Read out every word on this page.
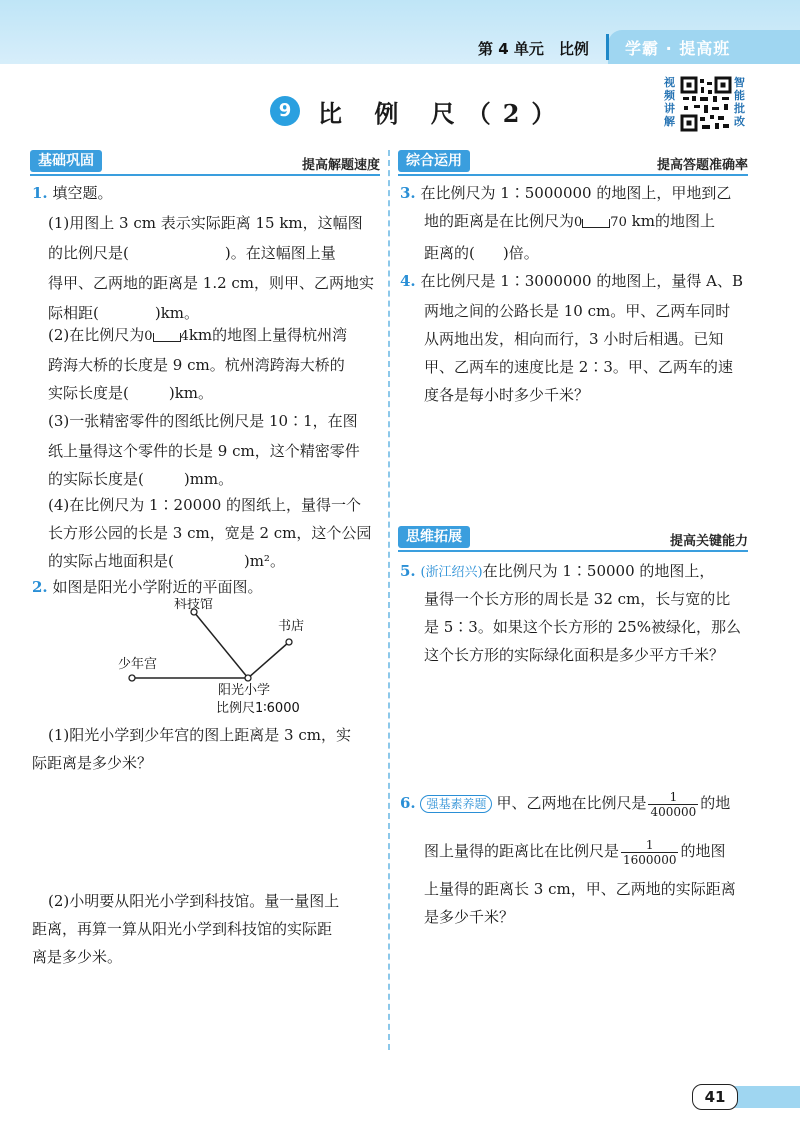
第 4 单元　比例 学霸 · 提高班
9	比 例 尺（2）
视频讲解
智能批改
基础巩固	提高解题速度	综合运用	提高答题准确率
思维拓展	提高关键能力
1. 填空题。
(1)用图上 3 cm 表示实际距离 15 km，这幅图
的比例尺是(	)。在这幅图上量
得甲、乙两地的距离是 1.2 cm，则甲、乙两地实
际相距(	)km。
(2)在比例尺为0 4km的地图上量得杭州湾
跨海大桥的长度是 9 cm。杭州湾跨海大桥的
实际长度是(	)km。
(3)一张精密零件的图纸比例尺是 10∶1，在图
纸上量得这个零件的长是 9 cm，这个精密零件
的实际长度是(	)mm。
(4)在比例尺为 1∶20000 的图纸上，量得一个
长方形公园的长是 3 cm，宽是 2 cm，这个公园
的实际占地面积是(	)m²。
2. 如图是阳光小学附近的平面图。
科技馆
书店
少年宫
阳光小学
比例尺1∶6000
(1)阳光小学到少年宫的图上距离是 3 cm，实
际距离是多少米？
(2)小明要从阳光小学到科技馆。量一量图上
距离，再算一算从阳光小学到科技馆的实际距
离是多少米。
3. 在比例尺为 1∶5000000 的地图上，甲地到乙
地的距离是在比例尺为0 70 km的地图上
距离的( )倍。
4. 在比例尺是 1∶3000000 的地图上，量得 A、B
两地之间的公路长是 10 cm。甲、乙两车同时
从两地出发，相向而行，3 小时后相遇。已知
甲、乙两车的速度比是 2∶3。甲、乙两车的速
度各是每小时多少千米？
5. (浙江绍兴)在比例尺为 1∶50000 的地图上，
量得一个长方形的周长是 32 cm，长与宽的比
是 5∶3。如果这个长方形的 25%被绿化，那么
这个长方形的实际绿化面积是多少平方千米？
6. 强基素养题 甲、乙两地在比例尺是 $\frac{1}{400000}$ 的地
图上量得的距离比在比例尺是 $\frac{1}{1600000}$ 的地图
上量得的距离长 3 cm，甲、乙两地的实际距离
是多少千米？
41
